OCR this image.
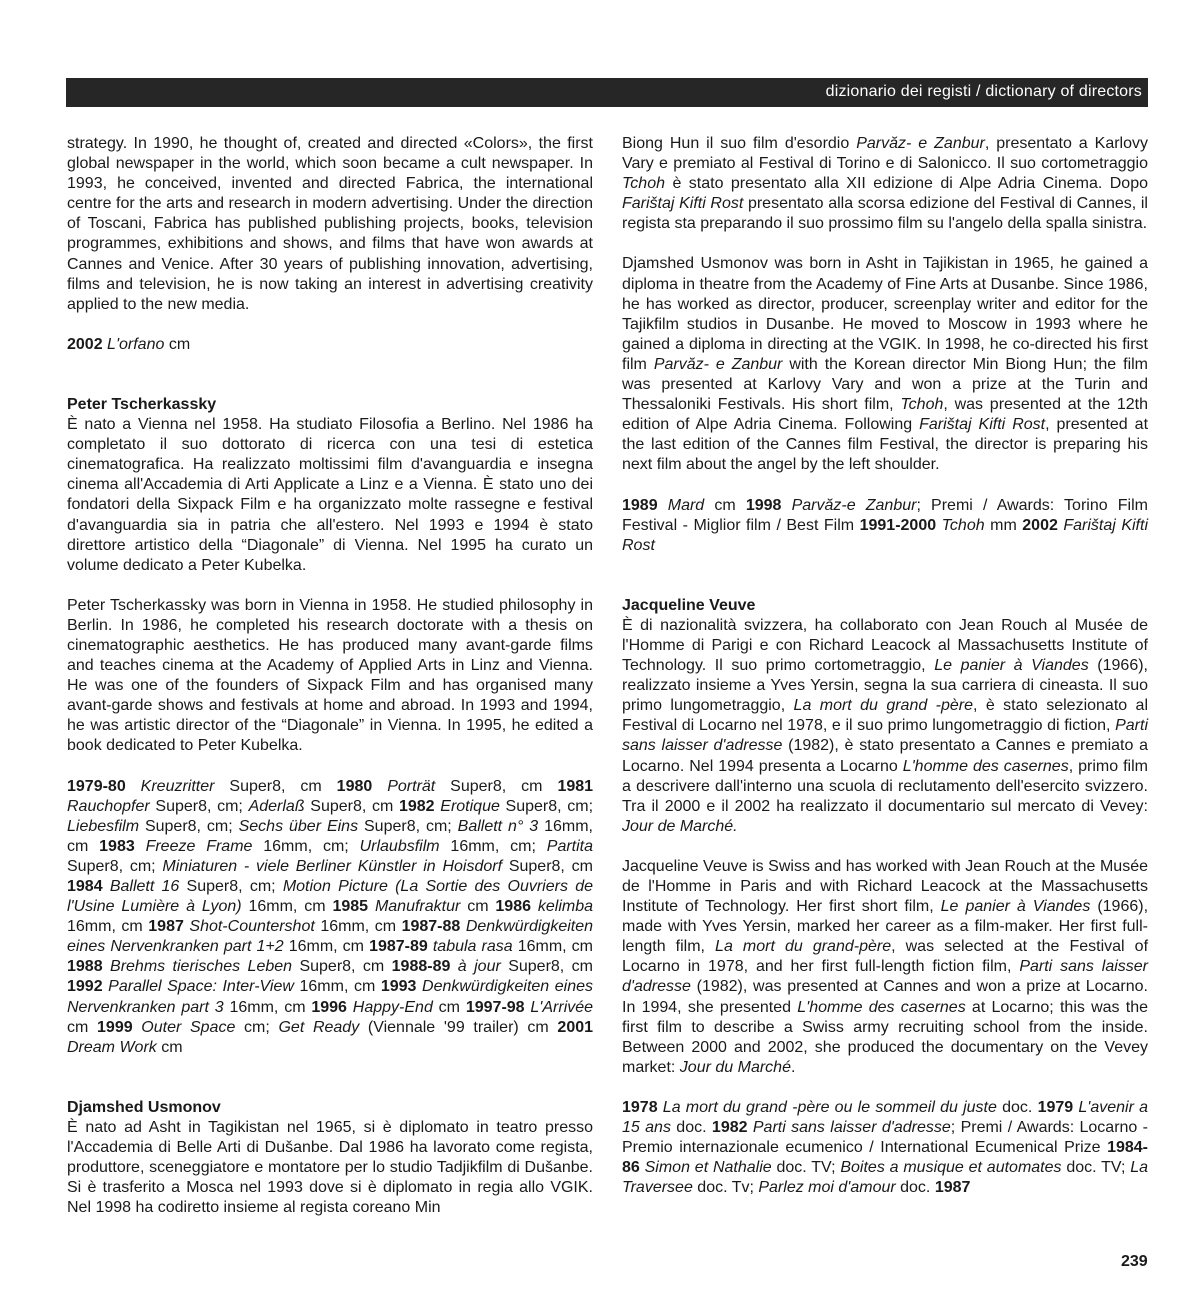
dizionario dei registi / dictionary of directors

strategy. In 1990, he thought of, created and directed «Colors», the first global newspaper in the world, which soon became a cult newspaper. In 1993, he conceived, invented and directed Fabrica, the international centre for the arts and research in modern advertising. Under the direction of Toscani, Fabrica has published publishing projects, books, television programmes, exhibitions and shows, and films that have won awards at Cannes and Venice. After 30 years of publishing innovation, advertising, films and television, he is now taking an interest in advertising creativity applied to the new media.

2002 L'orfano cm

Peter Tscherkassky

È nato a Vienna nel 1958. Ha studiato Filosofia a Berlino. Nel 1986 ha completato il suo dottorato di ricerca con una tesi di estetica cinematografica. Ha realizzato moltissimi film d'avanguardia e insegna cinema all'Accademia di Arti Applicate a Linz e a Vienna. È stato uno dei fondatori della Sixpack Film e ha organizzato molte rassegne e festival d'avanguardia sia in patria che all'estero. Nel 1993 e 1994 è stato direttore artistico della “Diagonale” di Vienna. Nel 1995 ha curato un volume dedicato a Peter Kubelka.

Peter Tscherkassky was born in Vienna in 1958. He studied philosophy in Berlin. In 1986, he completed his research doctorate with a thesis on cinematographic aesthetics. He has produced many avant-garde films and teaches cinema at the Academy of Applied Arts in Linz and Vienna. He was one of the founders of Sixpack Film and has organised many avant-garde shows and festivals at home and abroad. In 1993 and 1994, he was artistic director of the “Diagonale” in Vienna. In 1995, he edited a book dedicated to Peter Kubelka.

1979-80 Kreuzritter Super8, cm 1980 Porträt Super8, cm 1981 Rauchopfer Super8, cm; Aderlaß Super8, cm 1982 Erotique Super8, cm; Liebesfilm Super8, cm; Sechs über Eins Super8, cm; Ballett n° 3 16mm, cm 1983 Freeze Frame 16mm, cm; Urlaubsfilm 16mm, cm; Partita Super8, cm; Miniaturen - viele Berliner Künstler in Hoisdorf Super8, cm 1984 Ballett 16 Super8, cm; Motion Picture (La Sortie des Ouvriers de l'Usine Lumière à Lyon) 16mm, cm 1985 Manufraktur cm 1986 kelimba 16mm, cm 1987 Shot-Countershot 16mm, cm 1987-88 Denkwürdigkeiten eines Nervenkranken part 1+2 16mm, cm 1987-89 tabula rasa 16mm, cm 1988 Brehms tierisches Leben Super8, cm 1988-89 à jour Super8, cm 1992 Parallel Space: Inter-View 16mm, cm 1993 Denkwürdigkeiten eines Nervenkranken part 3 16mm, cm 1996 Happy-End cm 1997-98 L'Arrivée cm 1999 Outer Space cm; Get Ready (Viennale '99 trailer) cm 2001 Dream Work cm

Djamshed Usmonov

È nato ad Asht in Tagikistan nel 1965, si è diplomato in teatro presso l'Accademia di Belle Arti di Dušanbe. Dal 1986 ha lavorato come regista, produttore, sceneggiatore e montatore per lo studio Tadjikfilm di Dušanbe. Si è trasferito a Mosca nel 1993 dove si è diplomato in regia allo VGIK. Nel 1998 ha codiretto insieme al regista coreano Min

Biong Hun il suo film d'esordio Parvăz- e Zanbur, presentato a Karlovy Vary e premiato al Festival di Torino e di Salonicco. Il suo cortometraggio Tchoh è stato presentato alla XII edizione di Alpe Adria Cinema. Dopo Farištaj Kifti Rost presentato alla scorsa edizione del Festival di Cannes, il regista sta preparando il suo prossimo film su l'angelo della spalla sinistra.

Djamshed Usmonov was born in Asht in Tajikistan in 1965, he gained a diploma in theatre from the Academy of Fine Arts at Dusanbe. Since 1986, he has worked as director, producer, screenplay writer and editor for the Tajikfilm studios in Dusanbe. He moved to Moscow in 1993 where he gained a diploma in directing at the VGIK. In 1998, he co-directed his first film Parvăz- e Zanbur with the Korean director Min Biong Hun; the film was presented at Karlovy Vary and won a prize at the Turin and Thessaloniki Festivals. His short film, Tchoh, was presented at the 12th edition of Alpe Adria Cinema. Following Farištaj Kifti Rost, presented at the last edition of the Cannes film Festival, the director is preparing his next film about the angel by the left shoulder.

1989 Mard cm 1998 Parvăz-e Zanbur; Premi / Awards: Torino Film Festival - Miglior film / Best Film 1991-2000 Tchoh mm 2002 Farištaj Kifti Rost

Jacqueline Veuve

È di nazionalità svizzera, ha collaborato con Jean Rouch al Musée de l'Homme di Parigi e con Richard Leacock al Massachusetts Institute of Technology. Il suo primo cortometraggio, Le panier à Viandes (1966), realizzato insieme a Yves Yersin, segna la sua carriera di cineasta. Il suo primo lungometraggio, La mort du grand -père, è stato selezionato al Festival di Locarno nel 1978, e il suo primo lungometraggio di fiction, Parti sans laisser d'adresse (1982), è stato presentato a Cannes e premiato a Locarno. Nel 1994 presenta a Locarno L'homme des casernes, primo film a descrivere dall'interno una scuola di reclutamento dell'esercito svizzero. Tra il 2000 e il 2002 ha realizzato il documentario sul mercato di Vevey: Jour de Marché.

Jacqueline Veuve is Swiss and has worked with Jean Rouch at the Musée de l'Homme in Paris and with Richard Leacock at the Massachusetts Institute of Technology. Her first short film, Le panier à Viandes (1966), made with Yves Yersin, marked her career as a film-maker. Her first full-length film, La mort du grand-père, was selected at the Festival of Locarno in 1978, and her first full-length fiction film, Parti sans laisser d'adresse (1982), was presented at Cannes and won a prize at Locarno. In 1994, she presented L'homme des casernes at Locarno; this was the first film to describe a Swiss army recruiting school from the inside. Between 2000 and 2002, she produced the documentary on the Vevey market: Jour du Marché.

1978 La mort du grand -père ou le sommeil du juste doc. 1979 L'avenir a 15 ans doc. 1982 Parti sans laisser d'adresse; Premi / Awards: Locarno - Premio internazionale ecumenico / International Ecumenical Prize 1984-86 Simon et Nathalie doc. TV; Boites a musique et automates doc. TV; La Traversee doc. Tv; Parlez moi d'amour doc. 1987

239
